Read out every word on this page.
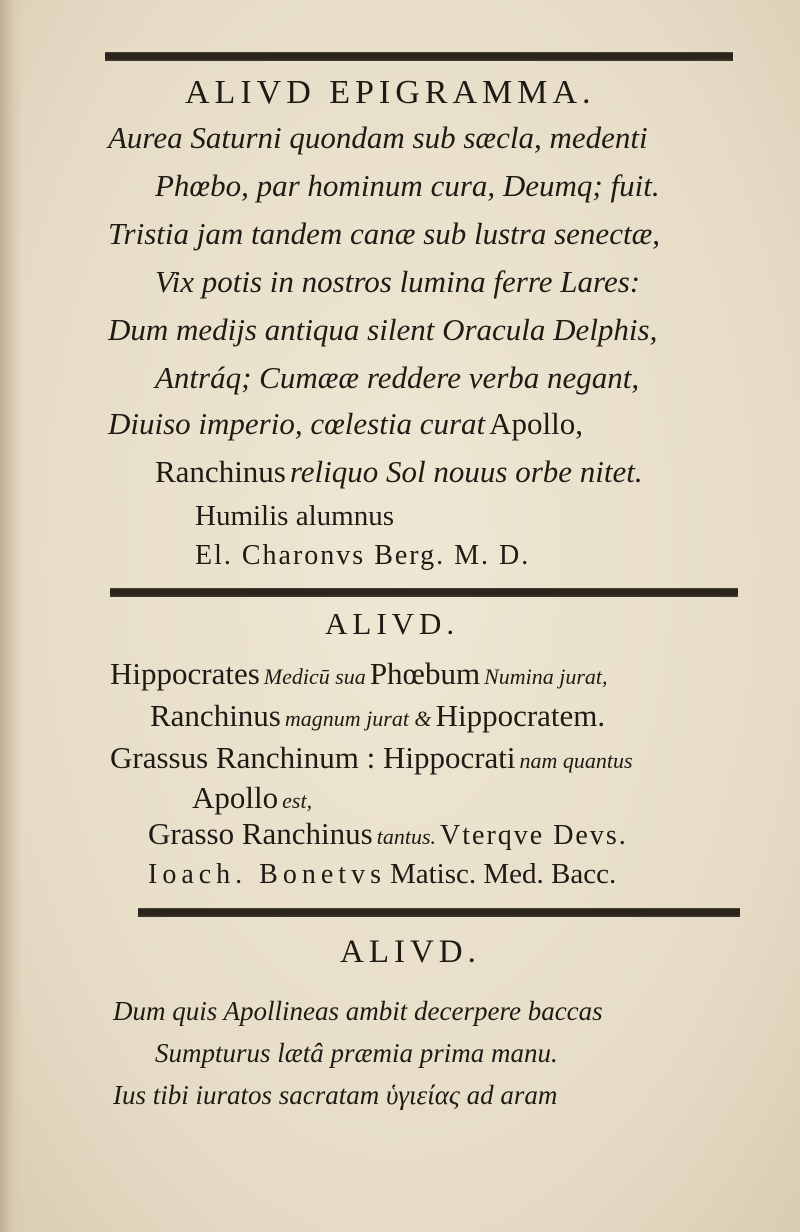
ALIVD EPIGRAMMA.
Aurea Saturni quondam sub sæcla, medenti
Phœbo, par hominum cura, Deumq; fuit.
Tristia jam tandem canæ sub lustra senectæ,
Vix potis in nostros lumina ferre Lares:
Dum medijs antiqua silent Oracula Delphis,
Antráq; Cumææ reddere verba negant,
Diuiso imperio, cœlestia curat Apollo,
Ranchinus reliquo Sol nouus orbe nitet.
Humilis alumnus
El. Charonvs Berg. M. D.
ALIVD.
Hippocrates Medicū sua Phœbum Numina jurat,
Ranchinus magnum jurat & Hippocratem.
Grassus Ranchinum : Hippocrati nam quantus
Apollo est,
Grasso Ranchinus tantus. Vterqve Devs.
Ioach. Bonetvs Matisc. Med. Bacc.
ALIVD.
Dum quis Apollineas ambit decerpere baccas
Sumpturus lætâ præmia prima manu.
Ius tibi iuratos sacratam ὑγιείας ad aram
